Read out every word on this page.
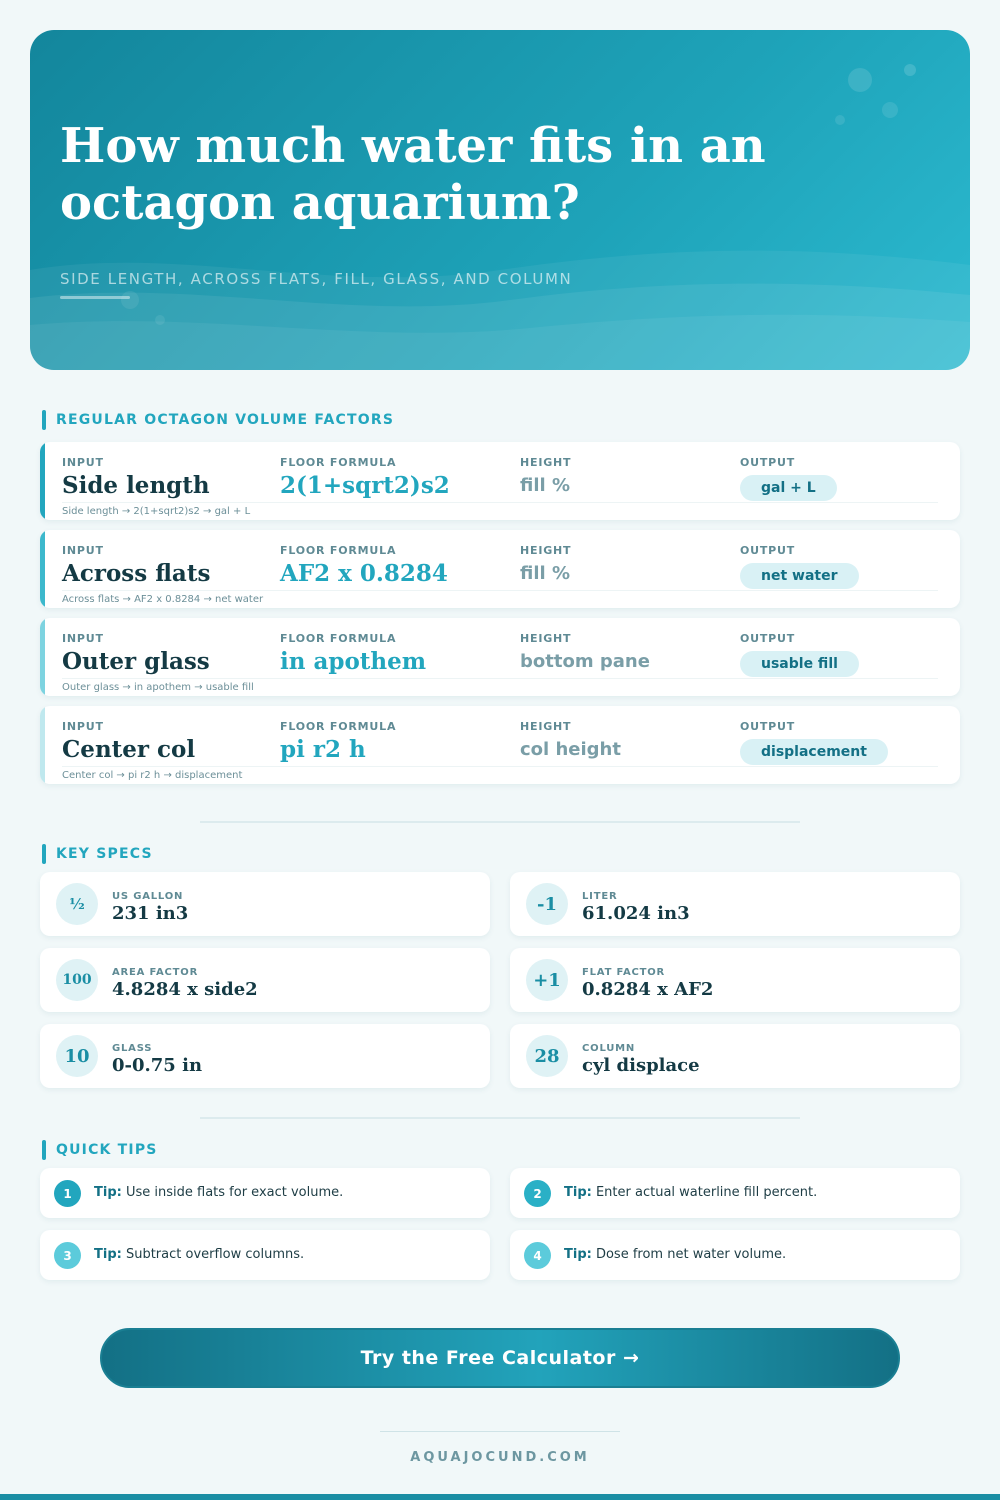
How much water fits in an octagon aquarium?
SIDE LENGTH, ACROSS FLATS, FILL, GLASS, AND COLUMN
REGULAR OCTAGON VOLUME FACTORS
INPUT
Side length
FLOOR FORMULA
2(1+sqrt2)s2
HEIGHT
fill %
OUTPUT
gal + L
Side length → 2(1+sqrt2)s2 → gal + L
INPUT
Across flats
FLOOR FORMULA
AF2 x 0.8284
HEIGHT
fill %
OUTPUT
net water
Across flats → AF2 x 0.8284 → net water
INPUT
Outer glass
FLOOR FORMULA
in apothem
HEIGHT
bottom pane
OUTPUT
usable fill
Outer glass → in apothem → usable fill
INPUT
Center col
FLOOR FORMULA
pi r2 h
HEIGHT
col height
OUTPUT
displacement
Center col → pi r2 h → displacement
KEY SPECS
½	US GALLON
231 in3	-1	LITER
61.024 in3
100	AREA FACTOR
4.8284 x side2	+1	FLAT FACTOR
0.8284 x AF2
10	GLASS
0-0.75 in	28	COLUMN
cyl displace
QUICK TIPS
1	Tip: Use inside flats for exact volume.	2	Tip: Enter actual waterline fill percent.
3	Tip: Subtract overflow columns.	4	Tip: Dose from net water volume.
Try the Free Calculator →
AQUAJOCUND.COM
